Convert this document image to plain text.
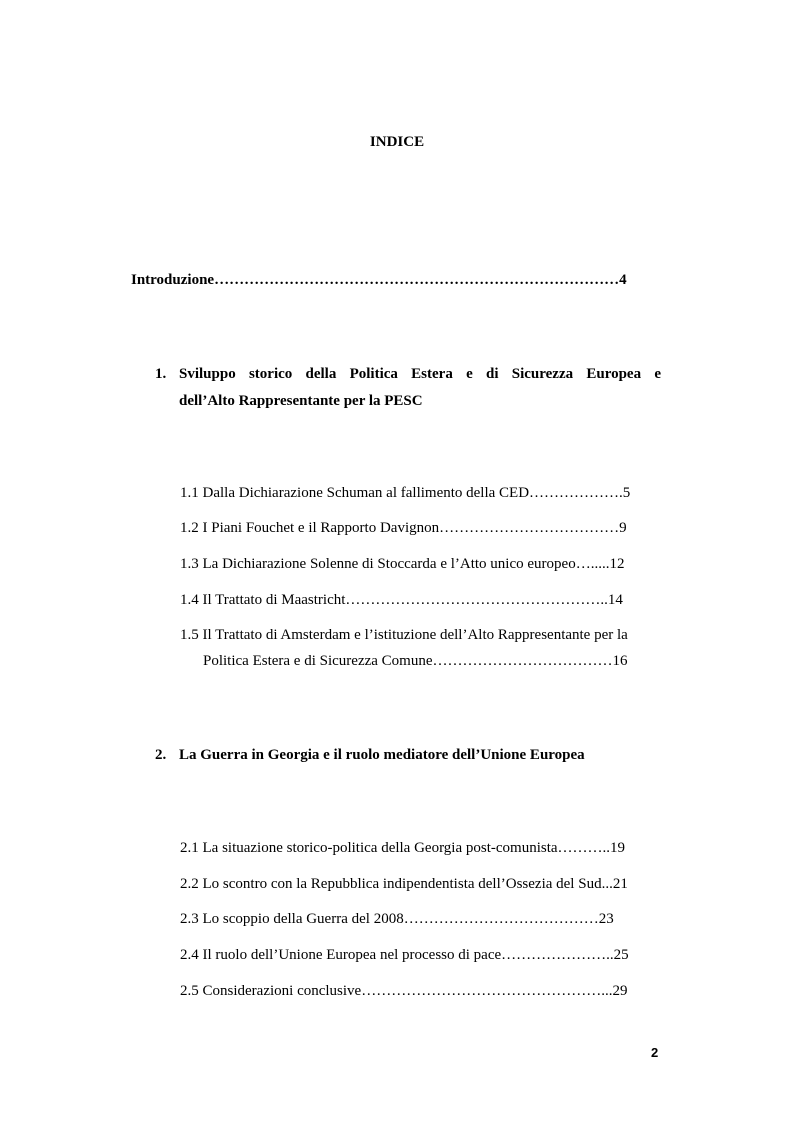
INDICE
Introduzione………………………………………………………………………4
1. Sviluppo storico della Politica Estera e di Sicurezza Europea e
dell’Alto Rappresentante per la PESC
1.1 Dalla Dichiarazione Schuman al fallimento della CED……………….5
1.2 I Piani Fouchet e il Rapporto Davignon………………………………9
1.3 La Dichiarazione Solenne di Stoccarda e l’Atto unico europeo….....12
1.4 Il Trattato di Maastricht……………………………………………..14
1.5 Il Trattato di Amsterdam e l’istituzione dell’Alto Rappresentante per la
Politica Estera e di Sicurezza Comune………………………………16
2. La Guerra in Georgia e il ruolo mediatore dell’Unione Europea
2.1 La situazione storico-politica della Georgia post-comunista………..19
2.2 Lo scontro con la Repubblica indipendentista dell’Ossezia del Sud...21
2.3 Lo scoppio della Guerra del 2008…………………………………23
2.4 Il ruolo dell’Unione Europea nel processo di pace…………………..25
2.5 Considerazioni conclusive…………………………………………...29
2
